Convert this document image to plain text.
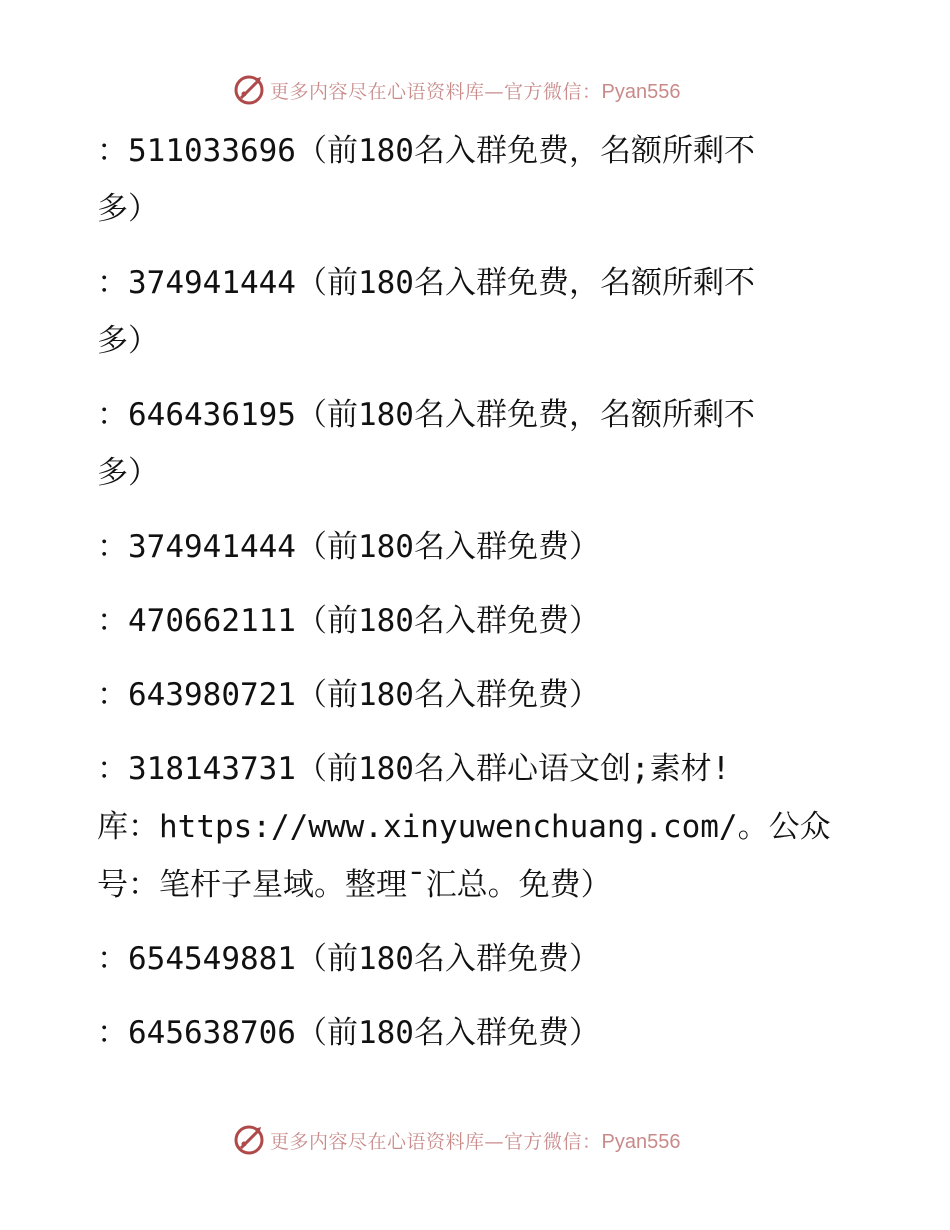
更多内容尽在心语资料库—官方微信：Pyan556

：511033696（前180名入群免费，名额所剩不
多）

：374941444（前180名入群免费，名额所剩不
多）

：646436195（前180名入群免费，名额所剩不
多）

：374941444（前180名入群免费）

：470662111（前180名入群免费）

：643980721（前180名入群免费）

：318143731（前180名入群心语文创;素材!
库：https://www.xinyuwenchuang.com/。公众
号：笔杆子星域。整理¯汇总。免费）

：654549881（前180名入群免费）

：645638706（前180名入群免费）

更多内容尽在心语资料库—官方微信：Pyan556
